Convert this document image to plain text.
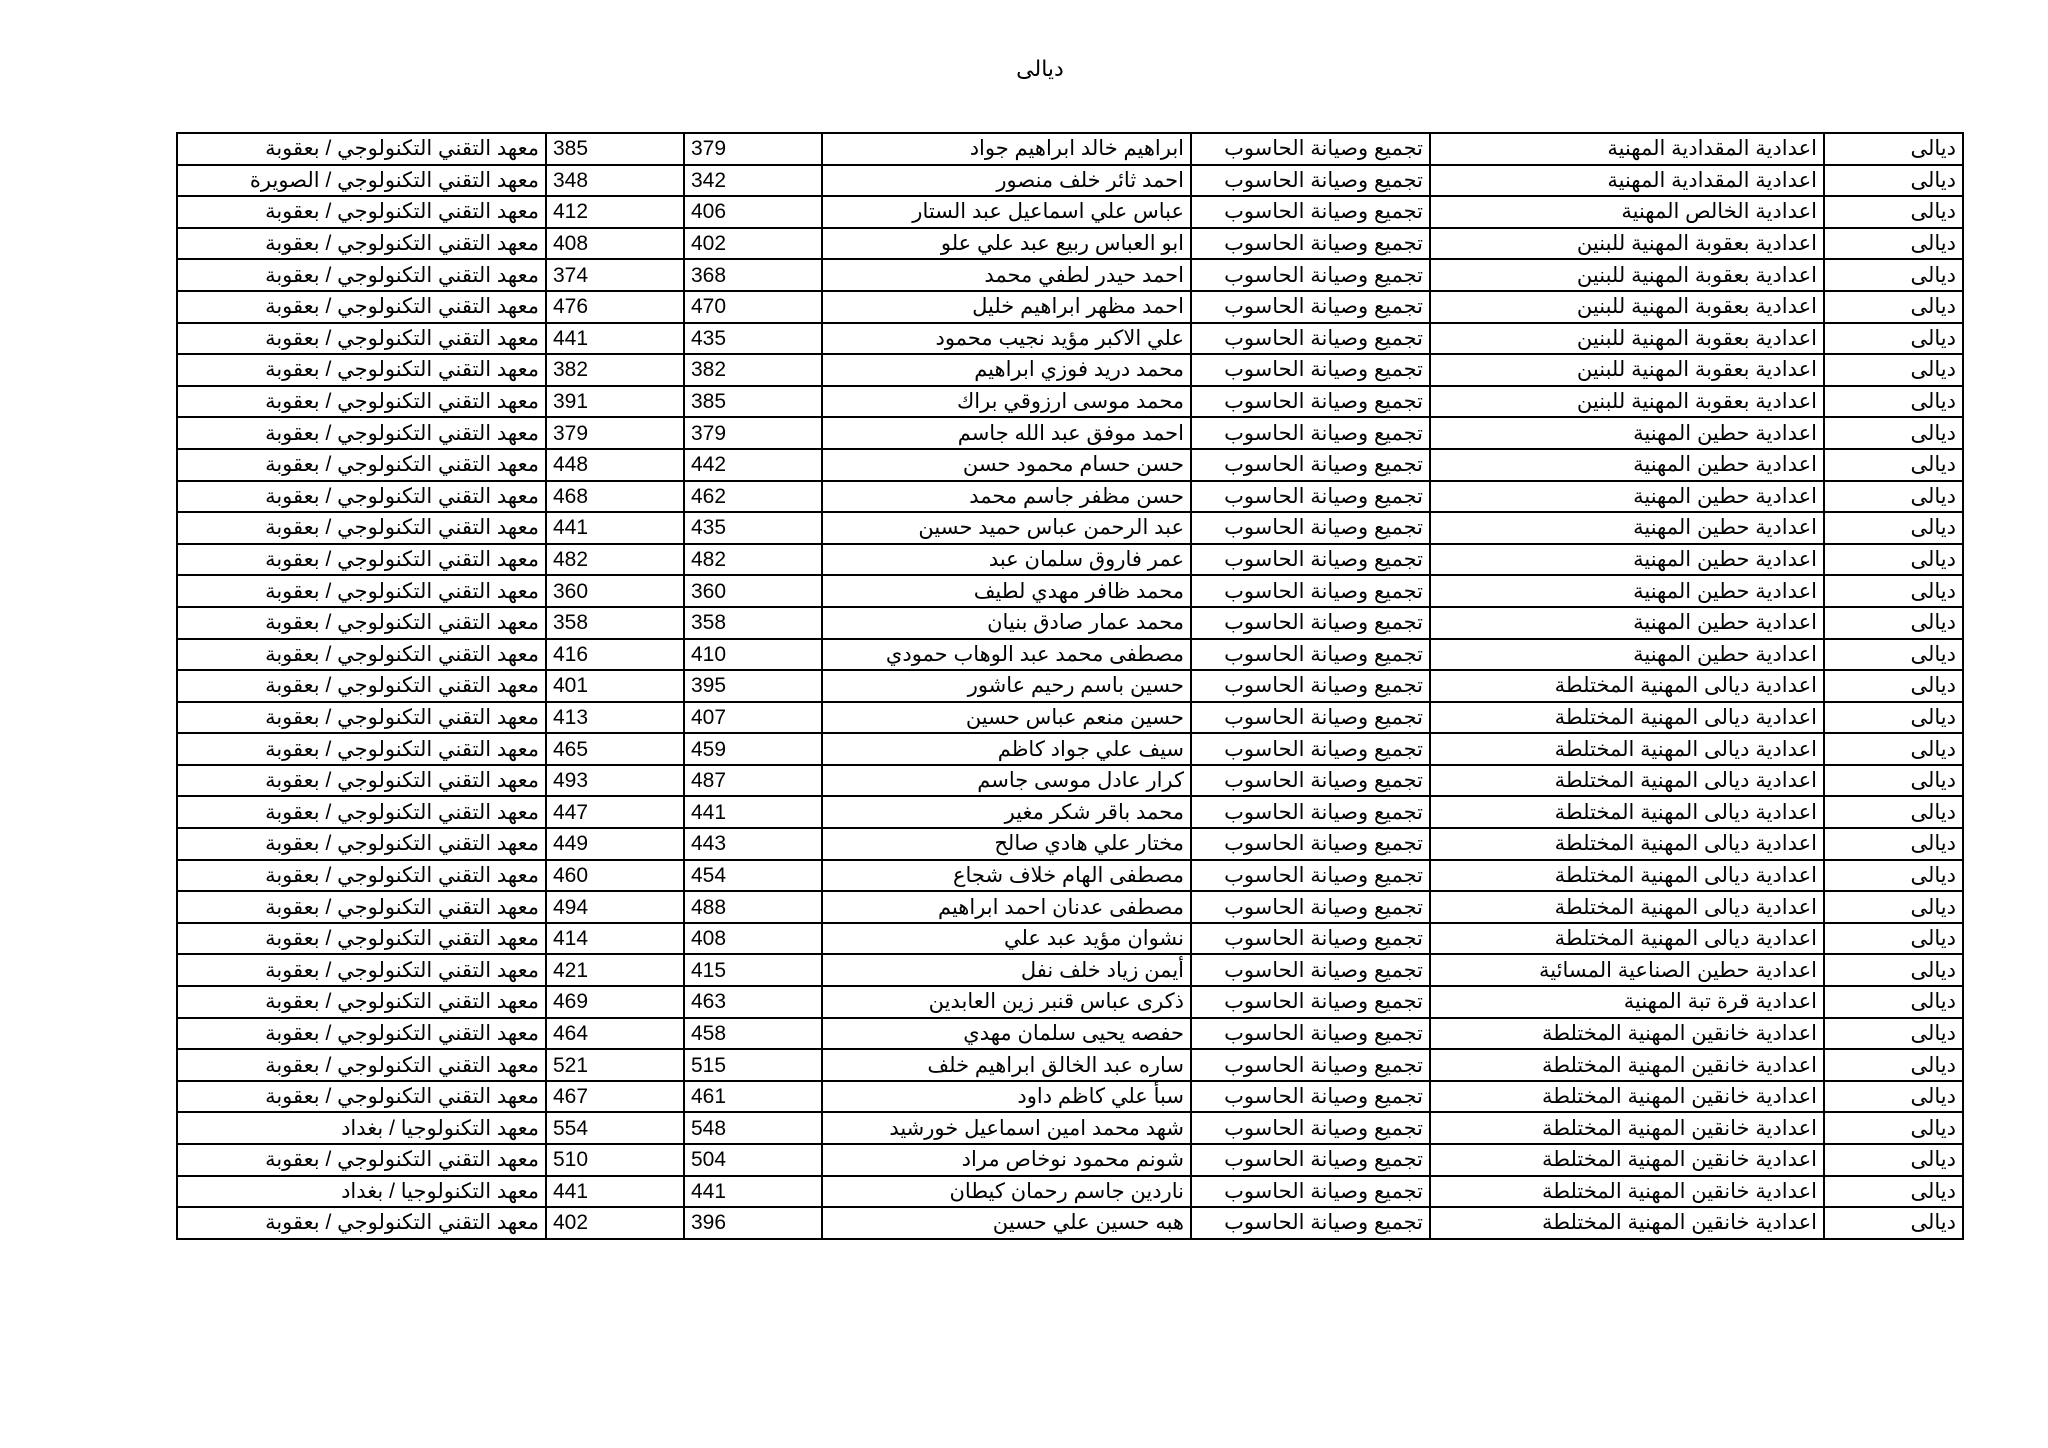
ديالى
ديالى	اعدادية المقدادية المهنية	تجميع وصيانة الحاسوب	ابراهيم خالد ابراهيم جواد	379	385	معهد التقني التكنولوجي / بعقوبة
ديالى	اعدادية المقدادية المهنية	تجميع وصيانة الحاسوب	احمد ثائر خلف منصور	342	348	معهد التقني التكنولوجي / الصويرة
ديالى	اعدادية الخالص المهنية	تجميع وصيانة الحاسوب	عباس علي اسماعيل عبد الستار	406	412	معهد التقني التكنولوجي / بعقوبة
ديالى	اعدادية بعقوبة المهنية للبنين	تجميع وصيانة الحاسوب	ابو العباس ربيع عبد علي علو	402	408	معهد التقني التكنولوجي / بعقوبة
ديالى	اعدادية بعقوبة المهنية للبنين	تجميع وصيانة الحاسوب	احمد حيدر لطفي محمد	368	374	معهد التقني التكنولوجي / بعقوبة
ديالى	اعدادية بعقوبة المهنية للبنين	تجميع وصيانة الحاسوب	احمد مظهر ابراهيم خليل	470	476	معهد التقني التكنولوجي / بعقوبة
ديالى	اعدادية بعقوبة المهنية للبنين	تجميع وصيانة الحاسوب	علي الاكبر مؤيد نجيب محمود	435	441	معهد التقني التكنولوجي / بعقوبة
ديالى	اعدادية بعقوبة المهنية للبنين	تجميع وصيانة الحاسوب	محمد دريد فوزي ابراهيم	382	382	معهد التقني التكنولوجي / بعقوبة
ديالى	اعدادية بعقوبة المهنية للبنين	تجميع وصيانة الحاسوب	محمد موسى ارزوقي براك	385	391	معهد التقني التكنولوجي / بعقوبة
ديالى	اعدادية حطين المهنية	تجميع وصيانة الحاسوب	احمد موفق عبد الله جاسم	379	379	معهد التقني التكنولوجي / بعقوبة
ديالى	اعدادية حطين المهنية	تجميع وصيانة الحاسوب	حسن حسام محمود حسن	442	448	معهد التقني التكنولوجي / بعقوبة
ديالى	اعدادية حطين المهنية	تجميع وصيانة الحاسوب	حسن مظفر جاسم محمد	462	468	معهد التقني التكنولوجي / بعقوبة
ديالى	اعدادية حطين المهنية	تجميع وصيانة الحاسوب	عبد الرحمن عباس حميد حسين	435	441	معهد التقني التكنولوجي / بعقوبة
ديالى	اعدادية حطين المهنية	تجميع وصيانة الحاسوب	عمر فاروق سلمان عبد	482	482	معهد التقني التكنولوجي / بعقوبة
ديالى	اعدادية حطين المهنية	تجميع وصيانة الحاسوب	محمد ظافر مهدي لطيف	360	360	معهد التقني التكنولوجي / بعقوبة
ديالى	اعدادية حطين المهنية	تجميع وصيانة الحاسوب	محمد عمار صادق بنيان	358	358	معهد التقني التكنولوجي / بعقوبة
ديالى	اعدادية حطين المهنية	تجميع وصيانة الحاسوب	مصطفى محمد عبد الوهاب حمودي	410	416	معهد التقني التكنولوجي / بعقوبة
ديالى	اعدادية ديالى المهنية المختلطة	تجميع وصيانة الحاسوب	حسين باسم رحيم عاشور	395	401	معهد التقني التكنولوجي / بعقوبة
ديالى	اعدادية ديالى المهنية المختلطة	تجميع وصيانة الحاسوب	حسين منعم عباس حسين	407	413	معهد التقني التكنولوجي / بعقوبة
ديالى	اعدادية ديالى المهنية المختلطة	تجميع وصيانة الحاسوب	سيف علي جواد كاظم	459	465	معهد التقني التكنولوجي / بعقوبة
ديالى	اعدادية ديالى المهنية المختلطة	تجميع وصيانة الحاسوب	كرار عادل موسى جاسم	487	493	معهد التقني التكنولوجي / بعقوبة
ديالى	اعدادية ديالى المهنية المختلطة	تجميع وصيانة الحاسوب	محمد باقر شكر مغير	441	447	معهد التقني التكنولوجي / بعقوبة
ديالى	اعدادية ديالى المهنية المختلطة	تجميع وصيانة الحاسوب	مختار علي هادي صالح	443	449	معهد التقني التكنولوجي / بعقوبة
ديالى	اعدادية ديالى المهنية المختلطة	تجميع وصيانة الحاسوب	مصطفى الهام خلاف شجاع	454	460	معهد التقني التكنولوجي / بعقوبة
ديالى	اعدادية ديالى المهنية المختلطة	تجميع وصيانة الحاسوب	مصطفى عدنان احمد ابراهيم	488	494	معهد التقني التكنولوجي / بعقوبة
ديالى	اعدادية ديالى المهنية المختلطة	تجميع وصيانة الحاسوب	نشوان مؤيد عبد علي	408	414	معهد التقني التكنولوجي / بعقوبة
ديالى	اعدادية حطين الصناعية المسائية	تجميع وصيانة الحاسوب	أيمن زياد خلف نفل	415	421	معهد التقني التكنولوجي / بعقوبة
ديالى	اعدادية قرة تبة المهنية	تجميع وصيانة الحاسوب	ذكرى عباس قنبر زين العابدين	463	469	معهد التقني التكنولوجي / بعقوبة
ديالى	اعدادية خانقين المهنية المختلطة	تجميع وصيانة الحاسوب	حفصه يحيى سلمان مهدي	458	464	معهد التقني التكنولوجي / بعقوبة
ديالى	اعدادية خانقين المهنية المختلطة	تجميع وصيانة الحاسوب	ساره عبد الخالق ابراهيم خلف	515	521	معهد التقني التكنولوجي / بعقوبة
ديالى	اعدادية خانقين المهنية المختلطة	تجميع وصيانة الحاسوب	سبأ علي كاظم داود	461	467	معهد التقني التكنولوجي / بعقوبة
ديالى	اعدادية خانقين المهنية المختلطة	تجميع وصيانة الحاسوب	شهد محمد امين اسماعيل خورشيد	548	554	معهد التكنولوجيا / بغداد
ديالى	اعدادية خانقين المهنية المختلطة	تجميع وصيانة الحاسوب	شونم محمود نوخاص مراد	504	510	معهد التقني التكنولوجي / بعقوبة
ديالى	اعدادية خانقين المهنية المختلطة	تجميع وصيانة الحاسوب	ناردين جاسم رحمان كيطان	441	441	معهد التكنولوجيا / بغداد
ديالى	اعدادية خانقين المهنية المختلطة	تجميع وصيانة الحاسوب	هبه حسين علي حسين	396	402	معهد التقني التكنولوجي / بعقوبة
